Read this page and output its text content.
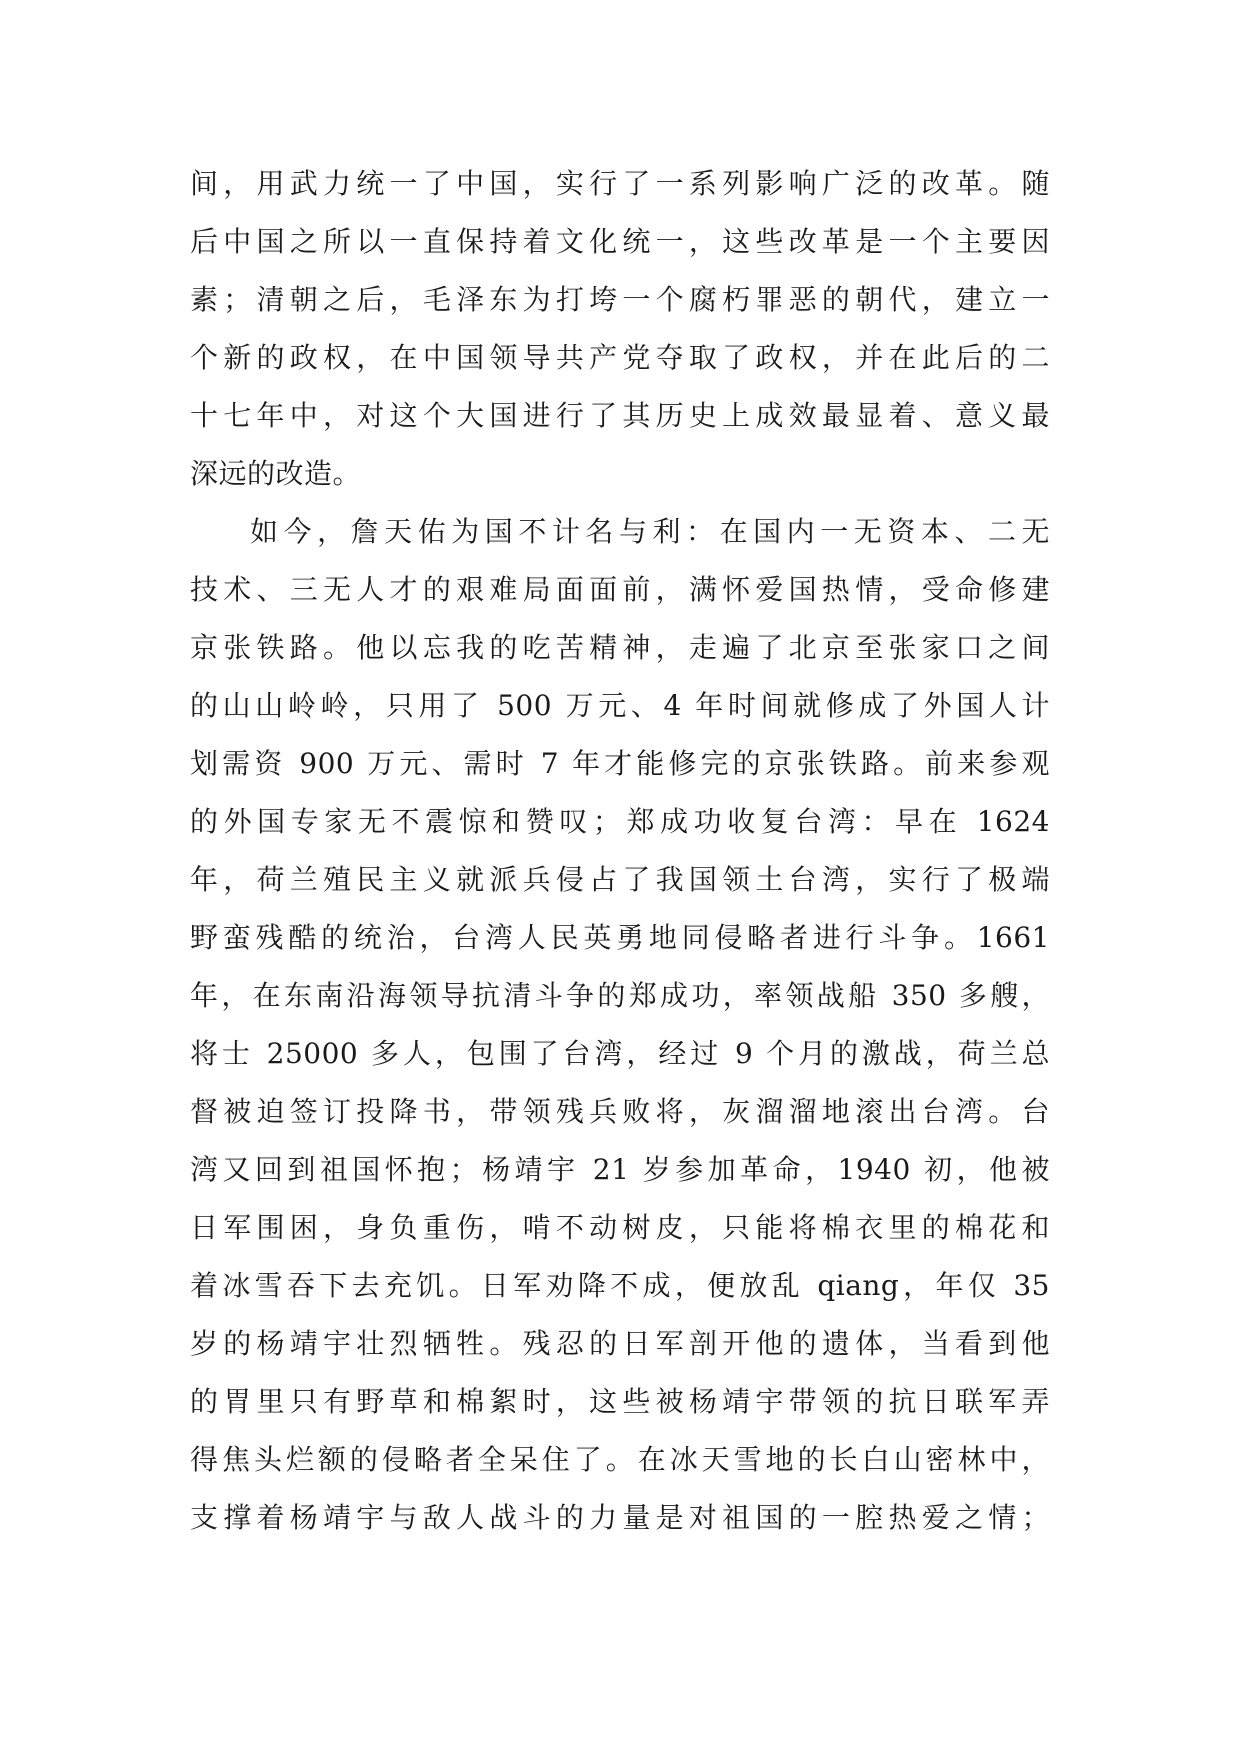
间，用武力统一了中国，实行了一系列影响广泛的改革。随
后中国之所以一直保持着文化统一，这些改革是一个主要因
素；清朝之后，毛泽东为打垮一个腐朽罪恶的朝代，建立一
个新的政权，在中国领导共产党夺取了政权，并在此后的二
十七年中，对这个大国进行了其历史上成效最显着、意义最
深远的改造。
如今，詹天佑为国不计名与利：在国内一无资本、二无
技术、三无人才的艰难局面面前，满怀爱国热情，受命修建
京张铁路。他以忘我的吃苦精神，走遍了北京至张家口之间
的山山岭岭，只用了 500 万元、4 年时间就修成了外国人计
划需资 900 万元、需时 7 年才能修完的京张铁路。前来参观
的外国专家无不震惊和赞叹；郑成功收复台湾：早在 1624
年，荷兰殖民主义就派兵侵占了我国领土台湾，实行了极端
野蛮残酷的统治，台湾人民英勇地同侵略者进行斗争。1661
年，在东南沿海领导抗清斗争的郑成功，率领战船 350 多艘，
将士 25000 多人，包围了台湾，经过 9 个月的激战，荷兰总
督被迫签订投降书，带领残兵败将，灰溜溜地滚出台湾。台
湾又回到祖国怀抱；杨靖宇 21 岁参加革命，1940 初，他被
日军围困，身负重伤，啃不动树皮，只能将棉衣里的棉花和
着冰雪吞下去充饥。日军劝降不成，便放乱 qiang，年仅 35
岁的杨靖宇壮烈牺牲。残忍的日军剖开他的遗体，当看到他
的胃里只有野草和棉絮时，这些被杨靖宇带领的抗日联军弄
得焦头烂额的侵略者全呆住了。在冰天雪地的长白山密林中，
支撑着杨靖宇与敌人战斗的力量是对祖国的一腔热爱之情；
